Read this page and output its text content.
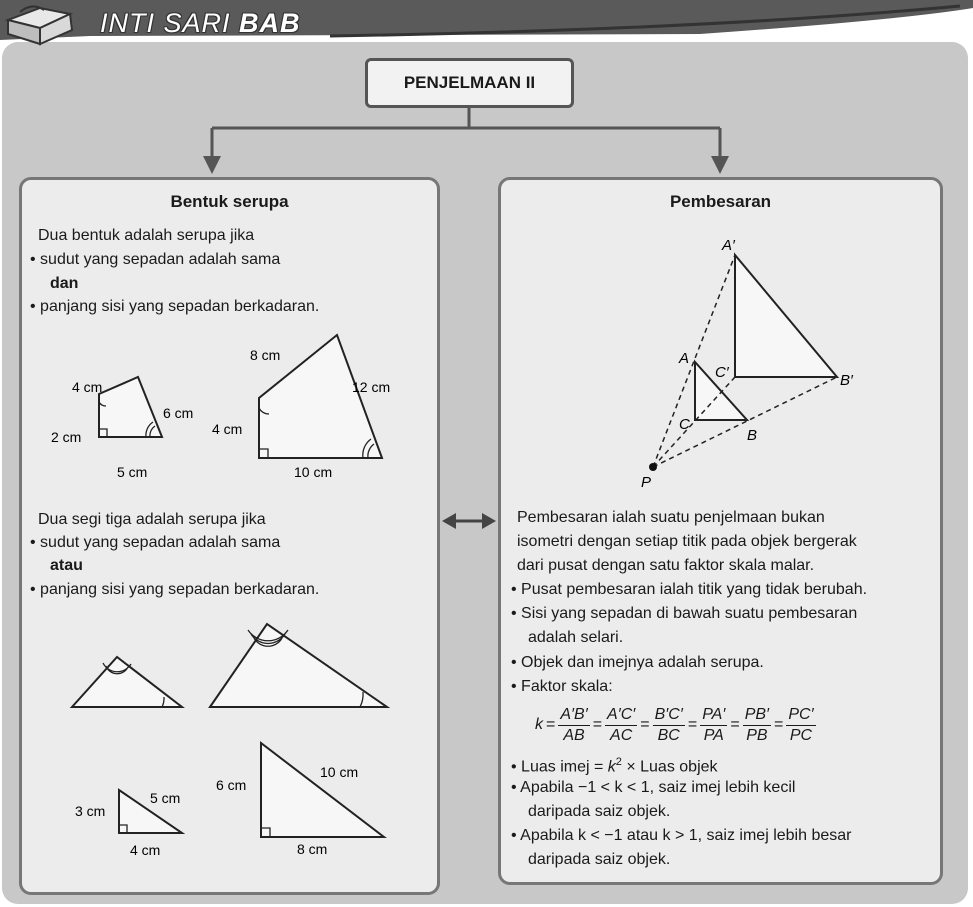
INTI SARI BAB
PENJELMAAN II
Bentuk serupa
Dua bentuk adalah serupa jika
• sudut yang sepadan adalah sama
dan
• panjang sisi yang sepadan berkadaran.
4 cm
6 cm
2 cm
5 cm
8 cm
12 cm
4 cm
10 cm
Dua segi tiga adalah serupa jika
• sudut yang sepadan adalah sama
atau
• panjang sisi yang sepadan berkadaran.
3 cm
5 cm
4 cm
6 cm
10 cm
8 cm
Pembesaran
A′
A
C′	B′
C
B
P
Pembesaran ialah suatu penjelmaan bukan
isometri dengan setiap titik pada objek bergerak
dari pusat dengan satu faktor skala malar.
• Pusat pembesaran ialah titik yang tidak berubah.
• Sisi yang sepadan di bawah suatu pembesaran
adalah selari.
• Objek dan imejnya adalah serupa.
• Faktor skala:
$k = \frac{A'B'}{AB} = \frac{A'C'}{AC} = \frac{B'C'}{BC} = \frac{PA'}{PA} = \frac{PB'}{PB} = \frac{PC'}{PC}$
• Luas imej = $k^2$ × Luas objek
• Apabila −1 < k < 1, saiz imej lebih kecil
daripada saiz objek.
• Apabila k < −1 atau k > 1, saiz imej lebih besar
daripada saiz objek.
